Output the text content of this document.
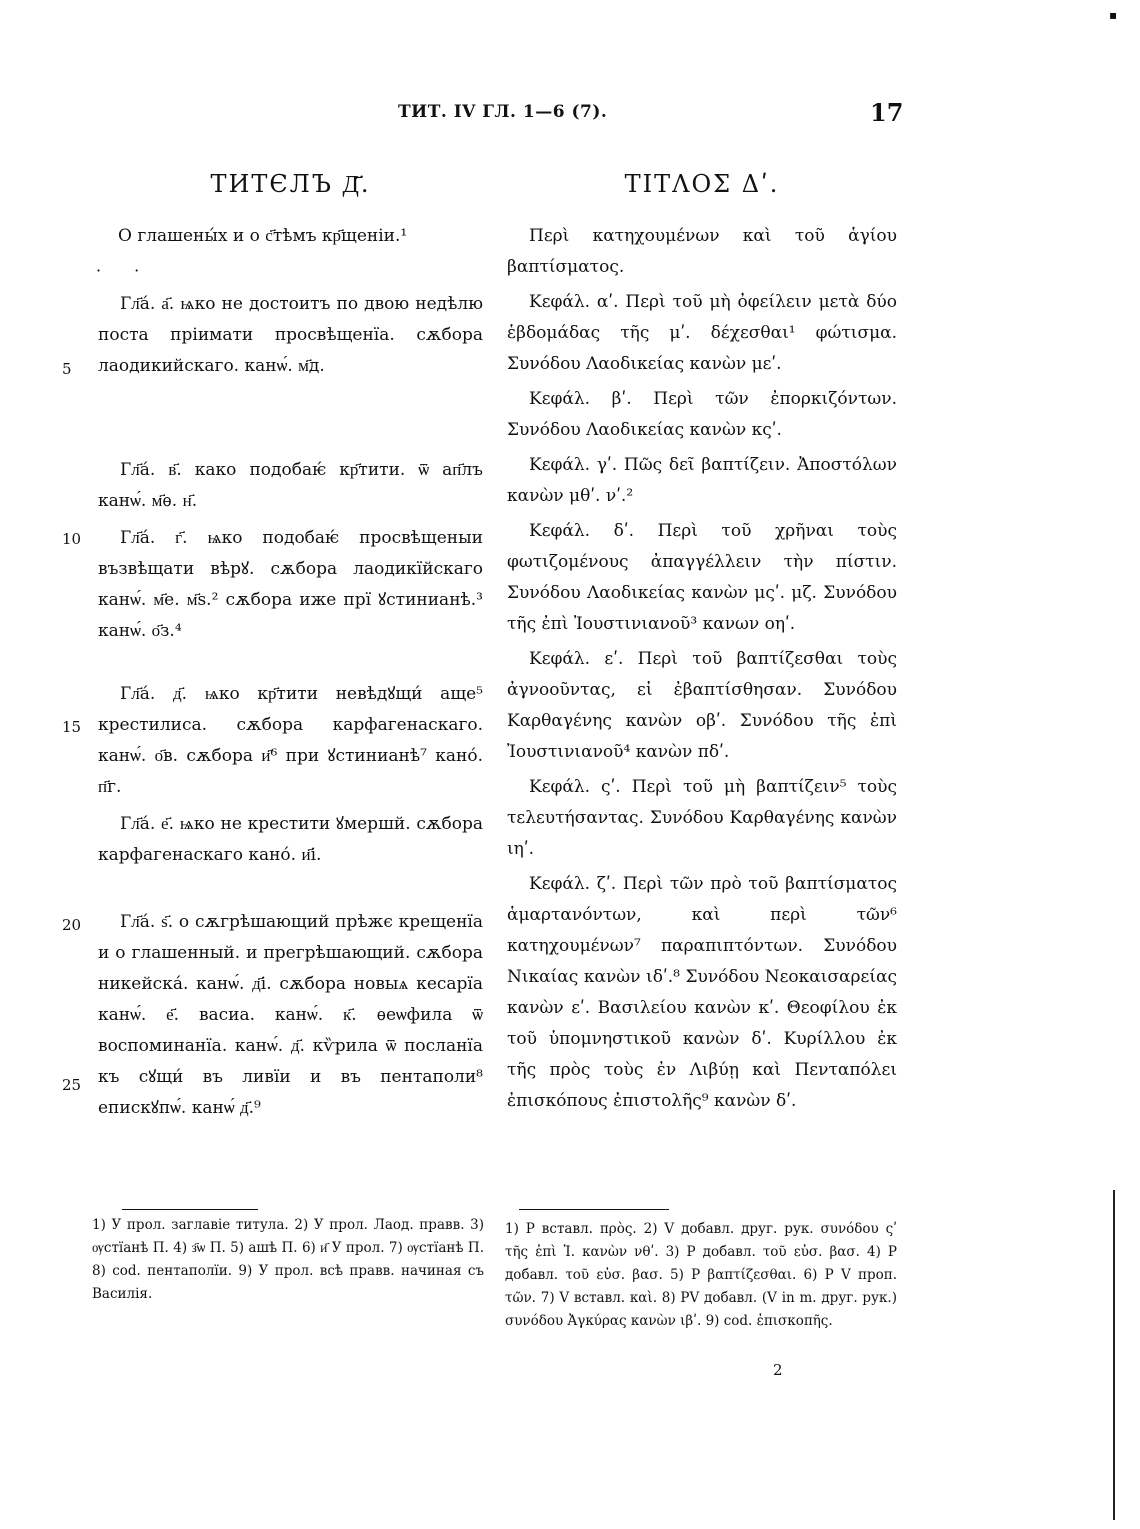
ТИТ. IV ГЛ. 1—6 (7).	17
▪
ТИТЄЛЪ Д҃.
О глашены́х и о с҃тѣмъ кр҃щеніи.¹
· ·
Гл҃а́. а҃. ѩко не достоитъ по двою недѣлю поста пріимати просвѣщенїа. сѫбора лаодикийскаго. канѡ́. м҃д.
Гл҃а́. в҃. како подобаѥ́ кр҃тити. ѿ ап҃лъ канѡ́. м҃ѳ. н҃.
Гл҃а́. г҃. ѩко подобаѥ́ просвѣщеныи възвѣщати вѣрꙋ. сѫбора лаодикїйскаго канѡ́. м҃е. м҃ѕ.² сѫбора иже прї ꙋстинианѣ.³ канѡ́. о҃з.⁴
Гл҃а́. д҃. ѩко кр҃тити невѣдꙋщи́ аще⁵ крестилиса. сѫбора карфагенаскаго. канѡ́. о҃в. сѫбора и҃⁶ при ꙋстинианѣ⁷ кано́. п҃г.
Гл҃а́. е҃. ѩко не крестити ꙋмершй. сѫбора карфагенаскаго кано́. и҃і.
Гл҃а́. ѕ҃. о сѫгрѣшающий прѣжє крещенїа и о глашенный. и прегрѣшающий. сѫбора никейска́. канѡ́. д҃і. сѫбора новыѧ кесарїа канѡ́. е҃. васиа. канѡ́. к҃. ѳеѡфила ѿ воспоминанїа. канѡ́. д҃. кѷрила ѿ посланїа къ сꙋщи́ въ ливїи и въ пентаполи⁸ епискꙋпѡ́. канѡ́ д҃.⁹
5
10
15
20
25
ΤΙΤΛΟΣ Δʹ.
Περὶ κατηχουμένων καὶ τοῦ ἁγίου βαπτίσματος.
Κεφάλ. αʹ. Περὶ τοῦ μὴ ὀφείλειν μετὰ δύο ἑβδομάδας τῆς μʹ. δέχεσθαι¹ φώτισμα. Συνόδου Λαοδικείας κανὼν μεʹ.
Κεφάλ. βʹ. Περὶ τῶν ἐπορκιζόντων. Συνόδου Λαοδικείας κανὼν κςʹ.
Κεφάλ. γʹ. Πῶς δεῖ βαπτίζειν. Ἀποστόλων κανὼν μθʹ. νʹ.²
Κεφάλ. δʹ. Περὶ τοῦ χρῆναι τοὺς φωτιζομένους ἀπαγγέλλειν τὴν πίστιν. Συνόδου Λαοδικείας κανὼν μςʹ. μζ. Συνόδου τῆς ἐπὶ Ἰουστινιανοῦ³ κανων οηʹ.
Κεφάλ. εʹ. Περὶ τοῦ βαπτίζεσθαι τοὺς ἀγνοοῦντας, εἰ ἐβαπτίσθησαν. Συνόδου Καρθαγένης κανὼν οβʹ. Συνόδου τῆς ἐπὶ Ἰουστινιανοῦ⁴ κανὼν πδʹ.
Κεφάλ. ςʹ. Περὶ τοῦ μὴ βαπτίζειν⁵ τοὺς τελευτήσαντας. Συνόδου Καρθαγένης κανὼν ιηʹ.
Κεφάλ. ζʹ. Περὶ τῶν πρὸ τοῦ βαπτίσματος ἁμαρτανόντων, καὶ περὶ τῶν⁶ κατηχουμένων⁷ παραπιπτόντων. Συνόδου Νικαίας κανὼν ιδʹ.⁸ Συνόδου Νεοκαισαρείας κανὼν εʹ. Βασιλείου κανὼν κʹ. Θεοφίλου ἐκ τοῦ ὑπομνηστικοῦ κανὼν δʹ. Κυρίλλου ἐκ τῆς πρὸς τοὺς ἐν Λιβύῃ καὶ Πενταπόλει ἐπισκόπους ἐπιστολῆς⁹ κανὼν δʹ.
1) У прол. заглавіе титула. 2) У прол. Лаод. правв. 3) ѹстїанѣ П. 4) з҃ѡ П. 5) ашѣ П. 6) и҃ У прол. 7) ѹстїанѣ П. 8) cod. пентаполїи. 9) У прол. всѣ правв. начиная съ Василія.
1) P вставл. πρὸς. 2) V добавл. друг. рук. συνόδου ςʹ τῆς ἐπὶ Ἰ. κανὼν νθʹ. 3) P добавл. τοῦ εὐσ. βασ. 4) P добавл. τοῦ εὐσ. βασ. 5) P βαπτίζεσθαι. 6) P V проп. τῶν. 7) V вставл. καὶ. 8) PV добавл. (V in m. друг. рук.) συνόδου Ἀγκύρας κανὼν ιβʹ. 9) cod. ἐπισκοπῆς.
2
